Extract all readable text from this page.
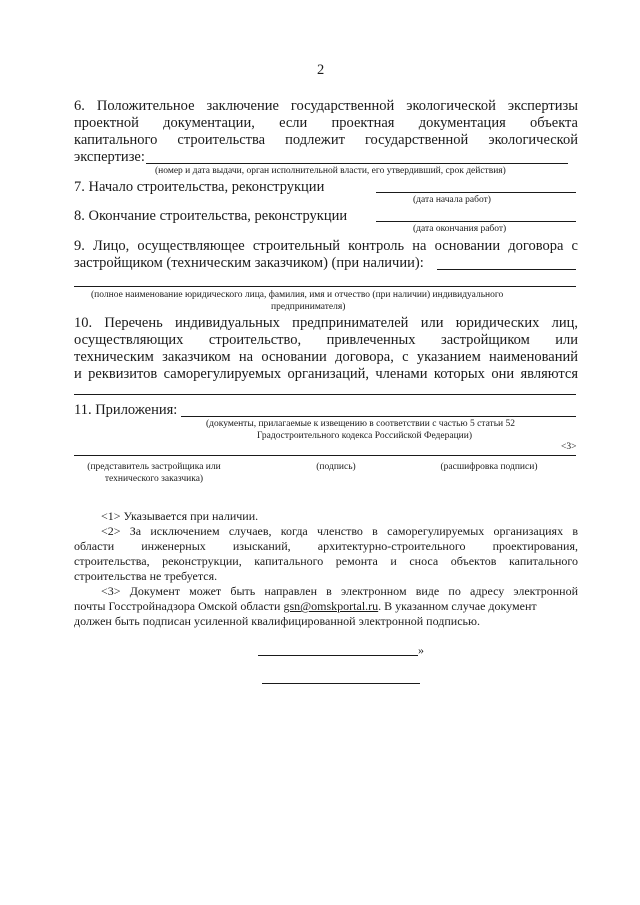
2
6. Положительное заключение государственной экологической экспертизы
проектной документации, если проектная документация объекта
капитального строительства подлежит государственной экологической
экспертизе:
(номер и дата выдачи, орган исполнительной власти, его утвердивший, срок действия)
7. Начало строительства, реконструкции
(дата начала работ)
8. Окончание строительства, реконструкции
(дата окончания работ)
9. Лицо, осуществляющее строительный контроль на основании договора с
застройщиком (техническим заказчиком) (при наличии):
(полное наименование юридического лица, фамилия, имя и отчество (при наличии) индивидуального
предпринимателя)
10. Перечень индивидуальных предпринимателей или юридических лиц,
осуществляющих строительство, привлеченных застройщиком или
техническим заказчиком на основании договора, с указанием наименований
и реквизитов саморегулируемых организаций, членами которых они являются
11. Приложения:
(документы, прилагаемые к извещению в соответствии с частью 5 статьи 52
Градостроительного кодекса Российской Федерации)
<3>
(представитель застройщика или
технического заказчика)
(подпись)	(расшифровка подписи)
<1> Указывается при наличии.
<2> За исключением случаев, когда членство в саморегулируемых организациях в
области инженерных изысканий, архитектурно-строительного проектирования,
строительства, реконструкции, капитального ремонта и сноса объектов капитального
строительства не требуется.
<3> Документ может быть направлен в электронном виде по адресу электронной
почты Госстройнадзора Омской области gsn@omskportal.ru. В указанном случае документ
должен быть подписан усиленной квалифицированной электронной подписью.
»
